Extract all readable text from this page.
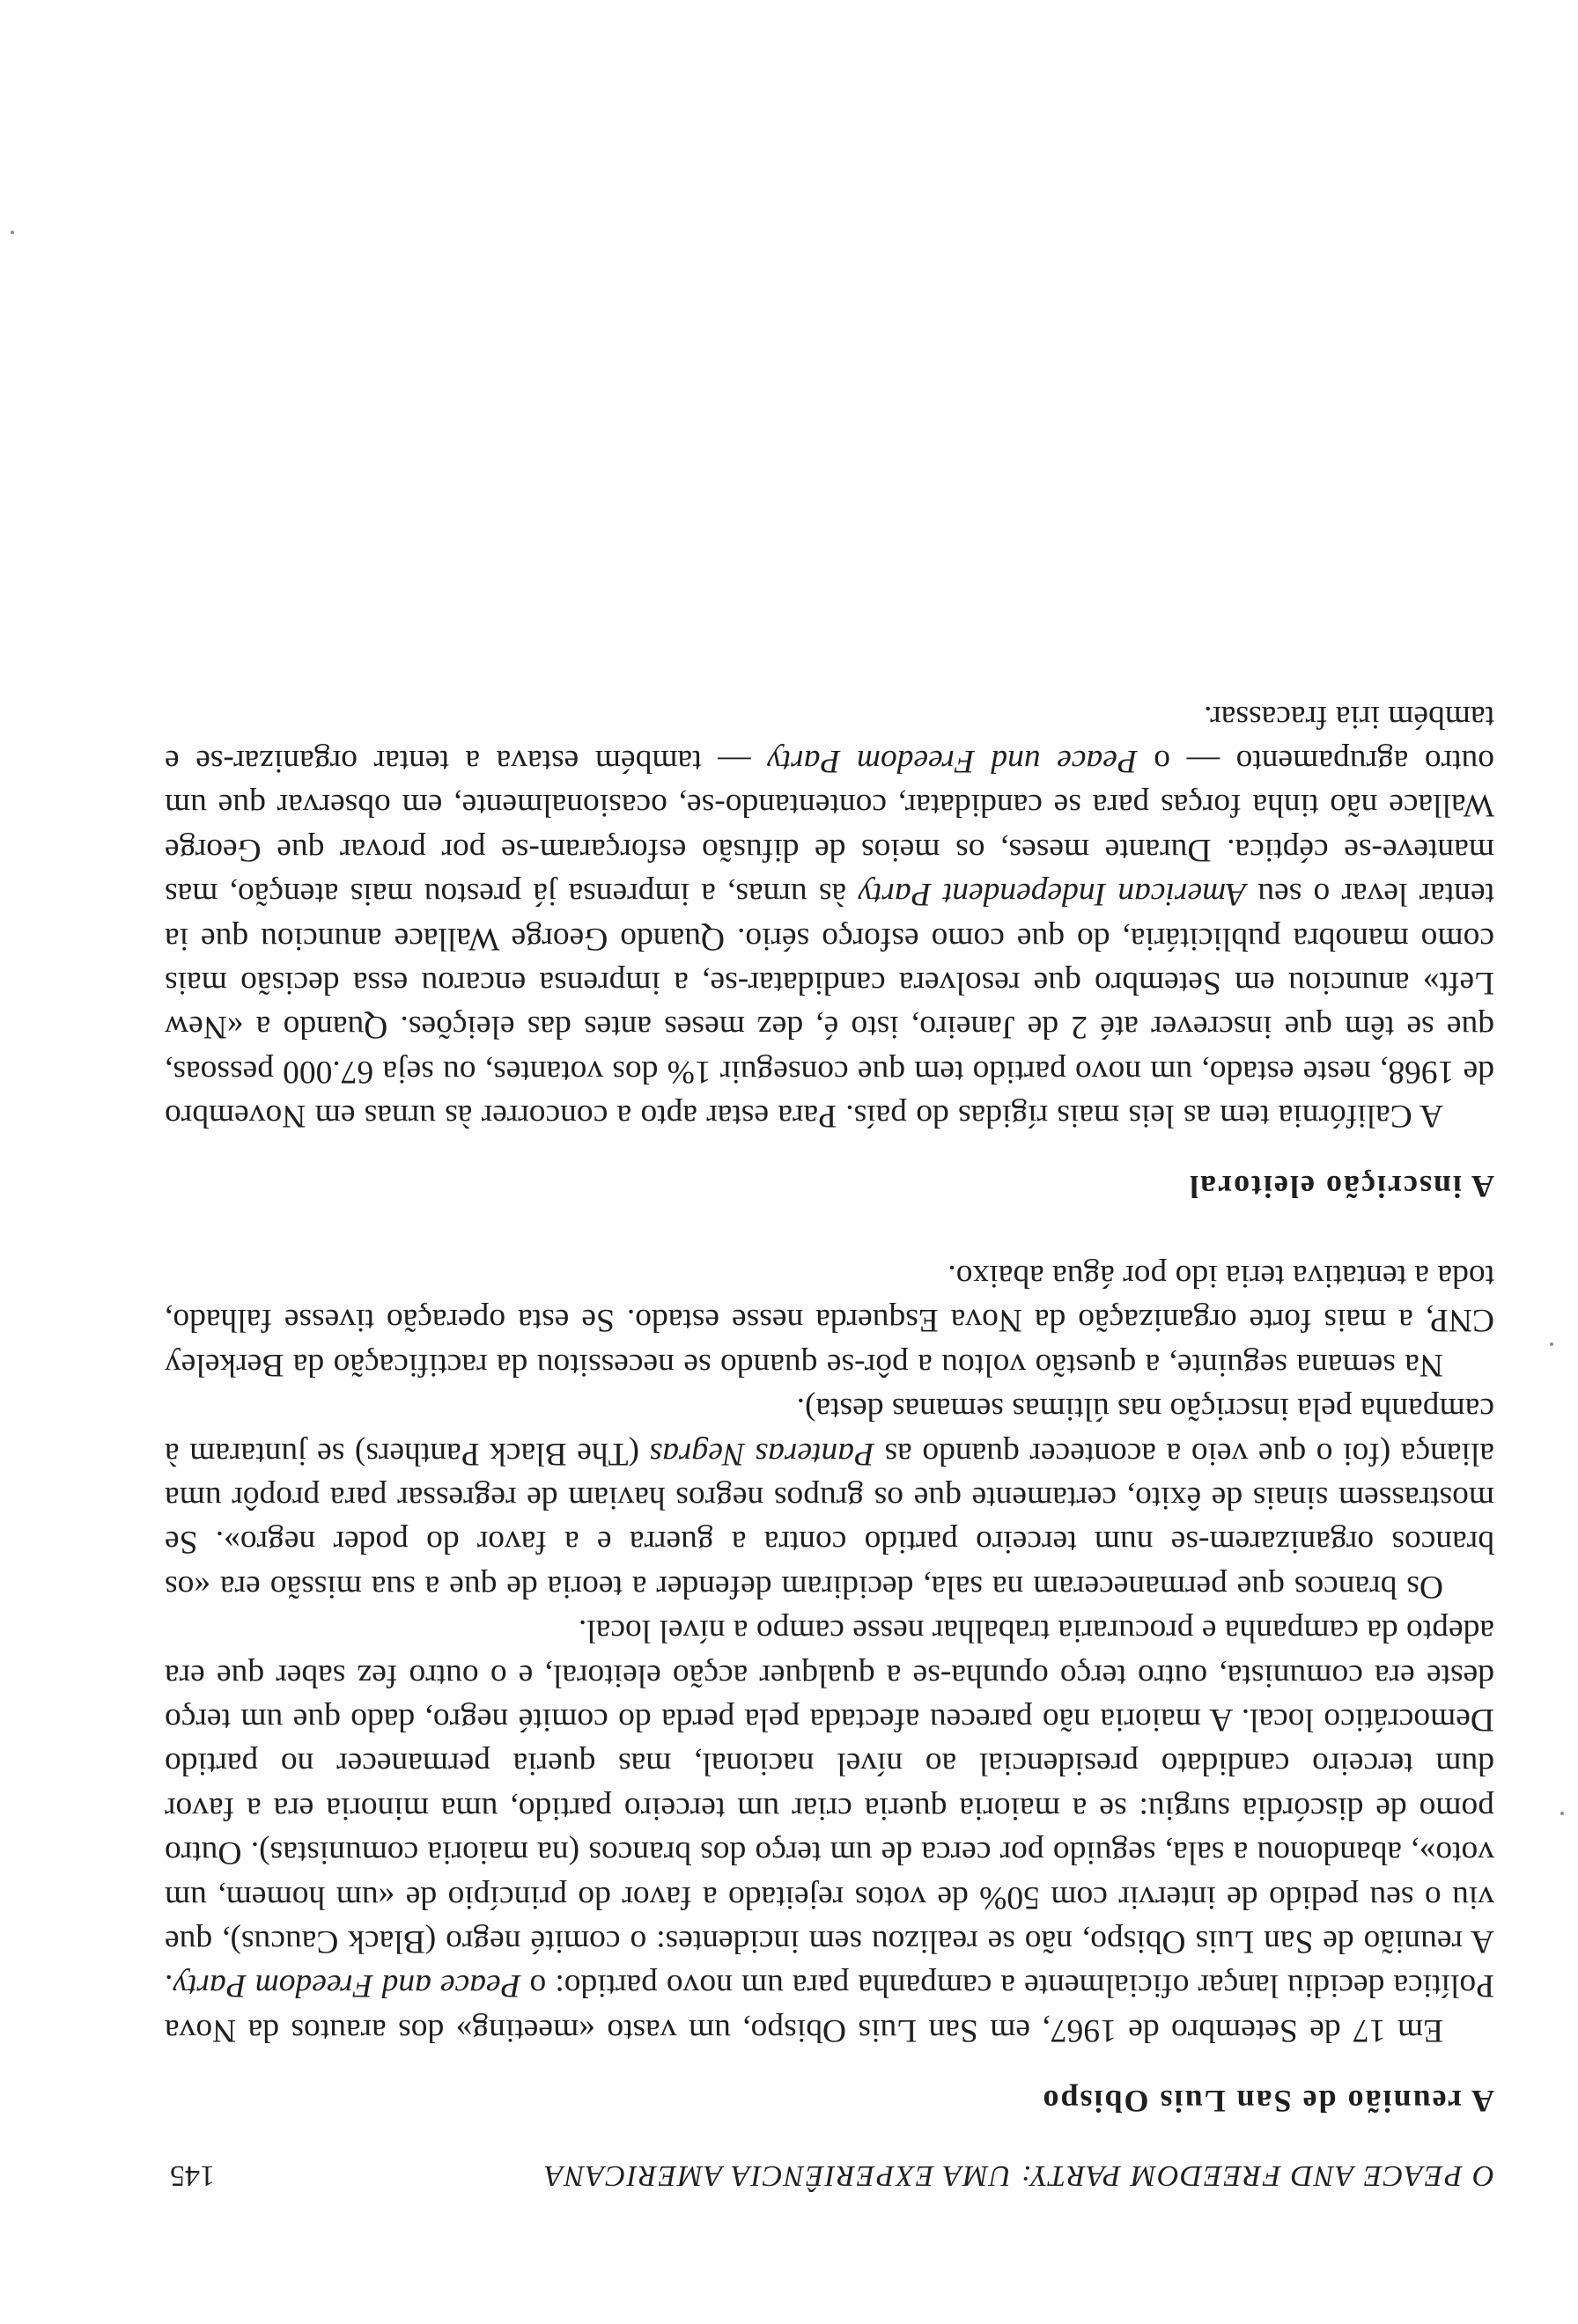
O PEACE AND FREEDOM PARTY: UMA EXPERIÊNCIA AMERICANA
145
A reunião de San Luis Obispo

Em 17 de Setembro de 1967, em San Luis Obispo, um vasto «meeting» dos arautos da Nova Política decidiu lançar oficialmente a campanha para um novo partido: o Peace and Freedom Party. A reunião de San Luis Obispo, não se realizou sem incidentes: o comité negro (Black Caucus), que viu o seu pedido de intervir com 50% de votos rejeitado a favor do princípio de «um homem, um voto», abandonou a sala, seguido por cerca de um terço dos brancos (na maioria comunistas). Outro pomo de discórdia surgiu: se a maioria queria criar um terceiro partido, uma minoria era a favor dum terceiro candidato presidencial ao nível nacional, mas queria permanecer no partido Democrático local. A maioria não pareceu afectada pela perda do comité negro, dado que um terço deste era comunista, outro terço opunha-se a qualquer acção eleitoral, e o outro fez saber que era adepto da campanha e procuraria trabalhar nesse campo a nível local.

Os brancos que permaneceram na sala, decidiram defender a teoria de que a sua missão era «os brancos organizarem-se num terceiro partido contra a guerra e a favor do poder negro». Se mostrassem sinais de êxito, certamente que os grupos negros haviam de regressar para propôr uma aliança (foi o que veio a acontecer quando as Panteras Negras (The Black Panthers) se juntaram à campanha pela inscrição nas últimas semanas desta).

Na semana seguinte, a questão voltou a pôr-se quando se necessitou da ractificação da Berkeley CNP, a mais forte organização da Nova Esquerda nesse estado. Se esta operação tivesse falhado, toda a tentativa teria ido por água abaixo.

A inscrição eleitoral

A Califórnia tem as leis mais rígidas do país. Para estar apto a concorrer às urnas em Novembro de 1968, neste estado, um novo partido tem que conseguir 1% dos votantes, ou seja 67.000 pessoas, que se têm que inscrever até 2 de Janeiro, isto é, dez meses antes das eleições. Quando a «New Left» anunciou em Setembro que resolvera candidatar-se, a imprensa encarou essa decisão mais como manobra publicitária, do que como esforço sério. Quando George Wallace anunciou que ia tentar levar o seu American Independent Party às urnas, a imprensa já prestou mais atenção, mas manteve-se céptica. Durante meses, os meios de difusão esforçaram-se por provar que George Wallace não tinha forças para se candidatar, contentando-se, ocasionalmente, em observar que um outro agrupamento — o Peace und Freedom Party — também estava a tentar organizar-se e também iria fracassar.
